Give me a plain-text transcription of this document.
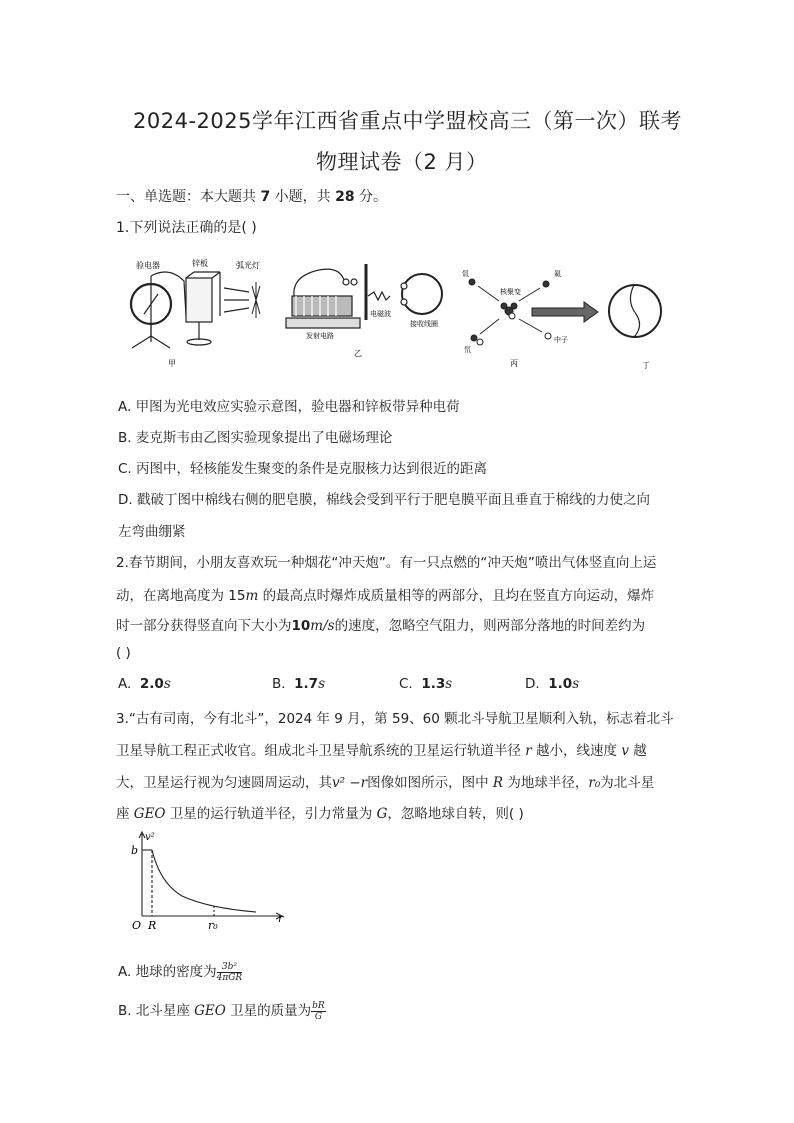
2024-2025学年江西省重点中学盟校高三（第一次）联考
物理试卷（2 月）
一、单选题：本大题共 7 小题，共 28 分。
1.下列说法正确的是( )
验电器	锌板	弧光灯
甲
发射电路
电磁波
接收线圈
乙
核聚变
氚
氘
氦
中子
丙	丁
A. 甲图为光电效应实验示意图，验电器和锌板带异种电荷
B. 麦克斯韦由乙图实验现象提出了电磁场理论
C. 丙图中，轻核能发生聚变的条件是克服核力达到很近的距离
D. 戳破丁图中棉线右侧的肥皂膜，棉线会受到平行于肥皂膜平面且垂直于棉线的力使之向
左弯曲绷紧
2.春节期间，小朋友喜欢玩一种烟花“冲天炮”。有一只点燃的“冲天炮”喷出气体竖直向上运
动，在离地高度为 15m 的最高点时爆炸成质量相等的两部分，且均在竖直方向运动，爆炸
时一部分获得竖直向下大小为10m/s的速度，忽略空气阻力，则两部分落地的时间差约为
( )
A. 2.0s	B. 1.7s	C. 1.3s	D. 1.0s
3.“古有司南，今有北斗”，2024 年 9 月，第 59、60 颗北斗导航卫星顺利入轨，标志着北斗
卫星导航工程正式收官。组成北斗卫星导航系统的卫星运行轨道半径 r 越小，线速度 v 越
大，卫星运行视为匀速圆周运动，其v² −r图像如图所示，图中 R 为地球半径，r₀为北斗星
座 GEO 卫星的运行轨道半径，引力常量为 G，忽略地球自转，则( )
v²
b
O R	r₀
r
A. 地球的密度为 $\frac{\text{3b²}}{\text{4πGR}}$
B. 北斗星座 GEO 卫星的质量为 $\frac{bR}{G}$
